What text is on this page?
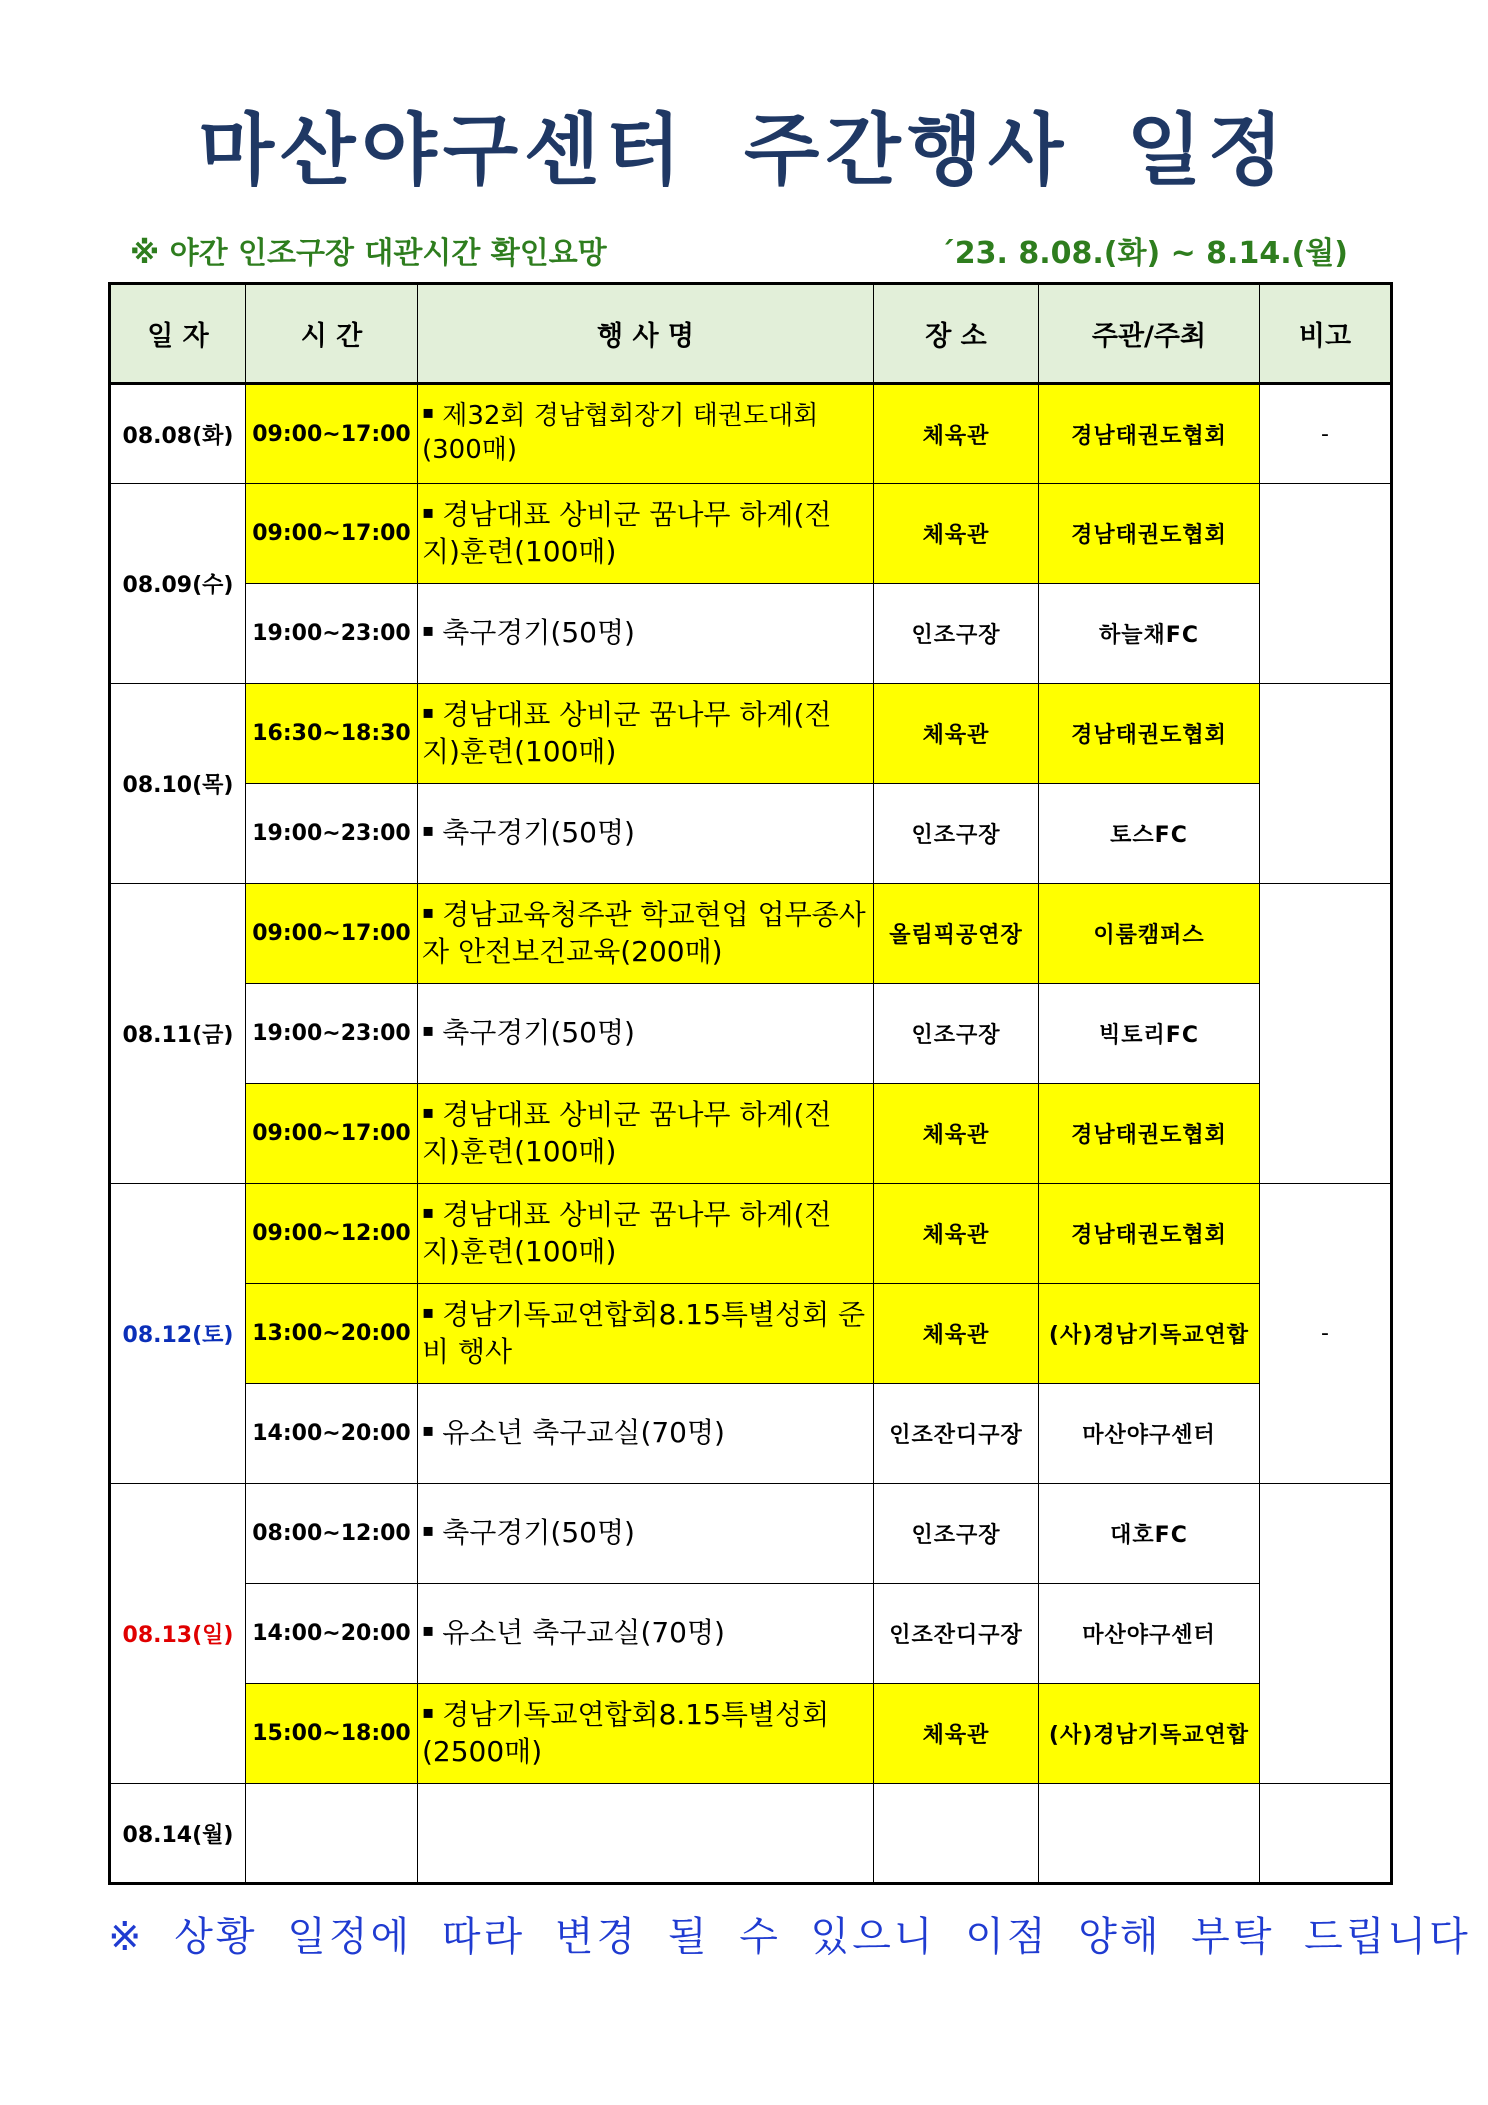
마산야구센터 주간행사 일정
※ 야간 인조구장 대관시간 확인요망	´23. 8.08.(화) ~ 8.14.(월)
일 자	시 간	행 사 명	장 소	주관/주최	비고
08.08(화)	09:00~17:00	▪ 제32회 경남협회장기 태권도대회(300매)	체육관	경남태권도협회	-
08.09(수)	09:00~17:00	▪ 경남대표 상비군 꿈나무 하계(전지)훈련(100매)	체육관	경남태권도협회	
	19:00~23:00	▪ 축구경기(50명)	인조구장	하늘채FC	
08.10(목)	16:30~18:30	▪ 경남대표 상비군 꿈나무 하계(전지)훈련(100매)	체육관	경남태권도협회	
	19:00~23:00	▪ 축구경기(50명)	인조구장	토스FC	
08.11(금)	09:00~17:00	▪ 경남교육청주관 학교현업 업무종사자 안전보건교육(200매)	올림픽공연장	이룸캠퍼스	
	19:00~23:00	▪ 축구경기(50명)	인조구장	빅토리FC	
	09:00~17:00	▪ 경남대표 상비군 꿈나무 하계(전지)훈련(100매)	체육관	경남태권도협회	
08.12(토)	09:00~12:00	▪ 경남대표 상비군 꿈나무 하계(전지)훈련(100매)	체육관	경남태권도협회	-
	13:00~20:00	▪ 경남기독교연합회8.15특별성회 준비 행사	체육관	(사)경남기독교연합	
	14:00~20:00	▪ 유소년 축구교실(70명)	인조잔디구장	마산야구센터	
08.13(일)	08:00~12:00	▪ 축구경기(50명)	인조구장	대호FC	
	14:00~20:00	▪ 유소년 축구교실(70명)	인조잔디구장	마산야구센터	
	15:00~18:00	▪ 경남기독교연합회8.15특별성회(2500매)	체육관	(사)경남기독교연합	
08.14(월)					
※ 상황 일정에 따라 변경 될 수 있으니 이점 양해 부탁 드립니다
